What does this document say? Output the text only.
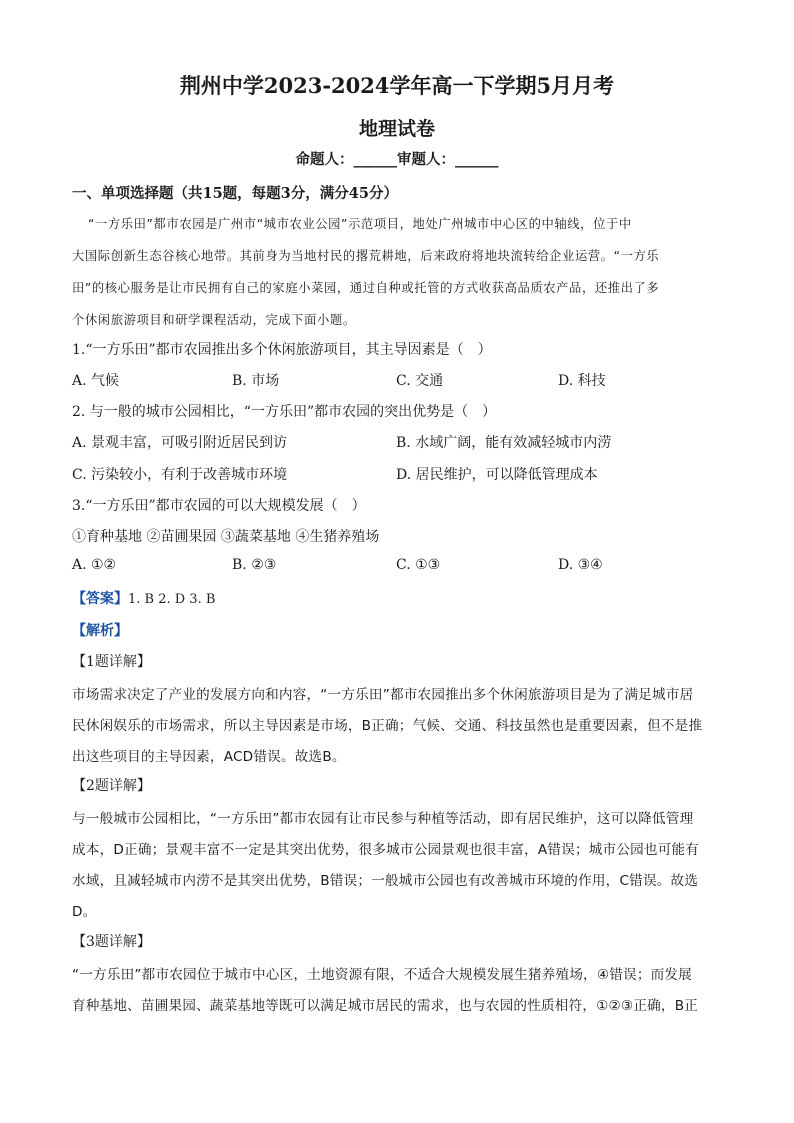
荆州中学2023-2024学年高一下学期5月月考
地理试卷
命题人：______审题人：______
一、单项选择题（共15题，每题3分，满分45分）
“一方乐田”都市农园是广州市“城市农业公园”示范项目，地处广州城市中心区的中轴线，位于中
大国际创新生态谷核心地带。其前身为当地村民的撂荒耕地，后来政府将地块流转给企业运营。“一方乐
田”的核心服务是让市民拥有自己的家庭小菜园，通过自种或托管的方式收获高品质农产品，还推出了多
个休闲旅游项目和研学课程活动，完成下面小题。
1.“一方乐田”都市农园推出多个休闲旅游项目，其主导因素是（　）
A. 气候	B. 市场	C. 交通	D. 科技
2. 与一般的城市公园相比，“一方乐田”都市农园的突出优势是（　）
A. 景观丰富，可吸引附近居民到访	B. 水域广阔，能有效减轻城市内涝
C. 污染较小，有利于改善城市环境	D. 居民维护，可以降低管理成本
3.“一方乐田”都市农园的可以大规模发展（　）
①育种基地 ②苗圃果园 ③蔬菜基地 ④生猪养殖场
A. ①②	B. ②③	C. ①③	D. ③④
【答案】1. B 2. D 3. B
【解析】
【1题详解】
市场需求决定了产业的发展方向和内容，“一方乐田”都市农园推出多个休闲旅游项目是为了满足城市居
民休闲娱乐的市场需求，所以主导因素是市场，B正确；气候、交通、科技虽然也是重要因素，但不是推
出这些项目的主导因素，ACD错误。故选B。
【2题详解】
与一般城市公园相比，“一方乐田”都市农园有让市民参与种植等活动，即有居民维护，这可以降低管理
成本，D正确；景观丰富不一定是其突出优势，很多城市公园景观也很丰富，A错误；城市公园也可能有
水域，且减轻城市内涝不是其突出优势，B错误；一般城市公园也有改善城市环境的作用，C错误。故选
D。
【3题详解】
“一方乐田”都市农园位于城市中心区，土地资源有限，不适合大规模发展生猪养殖场，④错误；而发展
育种基地、苗圃果园、蔬菜基地等既可以满足城市居民的需求，也与农园的性质相符，①②③正确，B正
